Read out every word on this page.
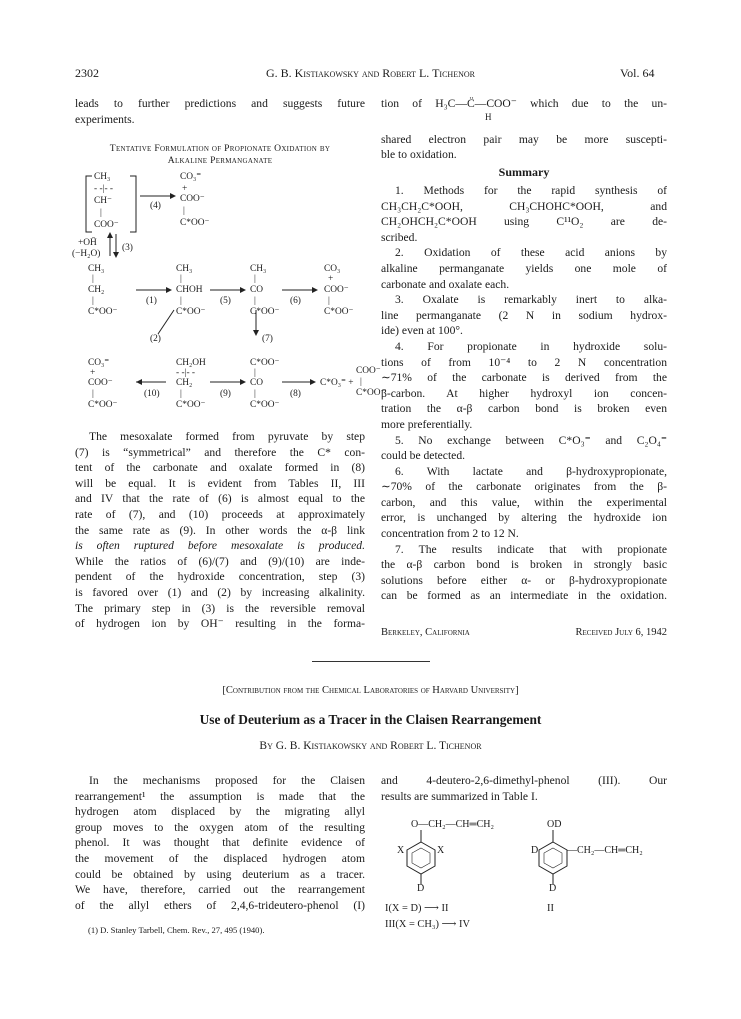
2302	G. B. Kistiakowsky and Robert L. Tichenor	Vol. 64
leads to further predictions and suggests future
experiments.
Tentative Formulation of Propionate Oxidation by
Alkaline Permanganate
CH₃
- -|- -
CH⁻
|
COO⁻
(4)
CO₃⁼
+
COO⁻
|
C*OO⁻
+OH̄
(−H₂O)
(3)
CH₃
|
CH₂
|
C*OO⁻
(1)
CH₃
|
CHOH
|
C*OO⁻
(5)
CH₃
|
CO
|
C*OO⁻
(6)
CO₃
+
COO⁻
|
C*OO⁻
(2)	(7)
CO₃⁼
+
COO⁻
|
C*OO⁻
(10)
CH₂OH
- -|- -
CH₂
|
C*OO⁻
(9)
C*OO⁻
|
CO
|
C*OO⁻
(8)
C*O₃⁼ +
COO⁻
|
C*OO⁻
The mesoxalate formed from pyruvate by step
(7) is “symmetrical” and therefore the C* con-
tent of the carbonate and oxalate formed in (8)
will be equal. It is evident from Tables II, III
and IV that the rate of (6) is almost equal to the
rate of (7), and (10) proceeds at approximately
the same rate as (9). In other words the α-β link
is often ruptured before mesoxalate is produced.
While the ratios of (6)/(7) and (9)/(10) are inde-
pendent of the hydroxide concentration, step (3)
is favored over (1) and (2) by increasing alkalinity.
The primary step in (3) is the reversible removal
of hydrogen ion by OH⁻ resulting in the forma-
tion of H₃C—C̈—COO⁻ which due to the un-
H
shared electron pair may be more suscepti-
ble to oxidation.
Summary
1. Methods for the rapid synthesis of
CH₃CH₂C*OOH, CH₃CHOHC*OOH, and
CH₂OHCH₂C*OOH using C¹¹O₂ are de-
scribed.
2. Oxidation of these acid anions by
alkaline permanganate yields one mole of
carbonate and oxalate each.
3. Oxalate is remarkably inert to alka-
line permanganate (2 N in sodium hydrox-
ide) even at 100°.
4. For propionate in hydroxide solu-
tions of from 10⁻⁴ to 2 N concentration
∼71% of the carbonate is derived from the
β-carbon. At higher hydroxyl ion concen-
tration the α-β carbon bond is broken even
more preferentially.
5. No exchange between C*O₃⁼ and C₂O₄⁼
could be detected.
6. With lactate and β-hydroxypropionate,
∼70% of the carbonate originates from the β-
carbon, and this value, within the experimental
error, is unchanged by altering the hydroxide ion
concentration from 2 to 12 N.
7. The results indicate that with propionate
the α-β carbon bond is broken in strongly basic
solutions before either α- or β-hydroxypropionate
can be formed as an intermediate in the oxidation.
Berkeley, California	Received July 6, 1942
[Contribution from the Chemical Laboratories of Harvard University]
Use of Deuterium as a Tracer in the Claisen Rearrangement
By G. B. Kistiakowsky and Robert L. Tichenor
In the mechanisms proposed for the Claisen
rearrangement¹ the assumption is made that the
hydrogen atom displaced by the migrating allyl
group moves to the oxygen atom of the resulting
phenol. It was thought that definite evidence of
the movement of the displaced hydrogen atom
could be obtained by using deuterium as a tracer.
We have, therefore, carried out the rearrangement
of the allyl ethers of 2,4,6-trideutero-phenol (I)
(1) D. Stanley Tarbell, Chem. Rev., 27, 495 (1940).
and 4-deutero-2,6-dimethyl-phenol (III). Our
results are summarized in Table I.
O—CH₂—CH═CH₂	OD
X	X
D
D	—CH₂—CH═CH₂
D
I(X = D) ⟶ II	II
III(X = CH₃) ⟶ IV
